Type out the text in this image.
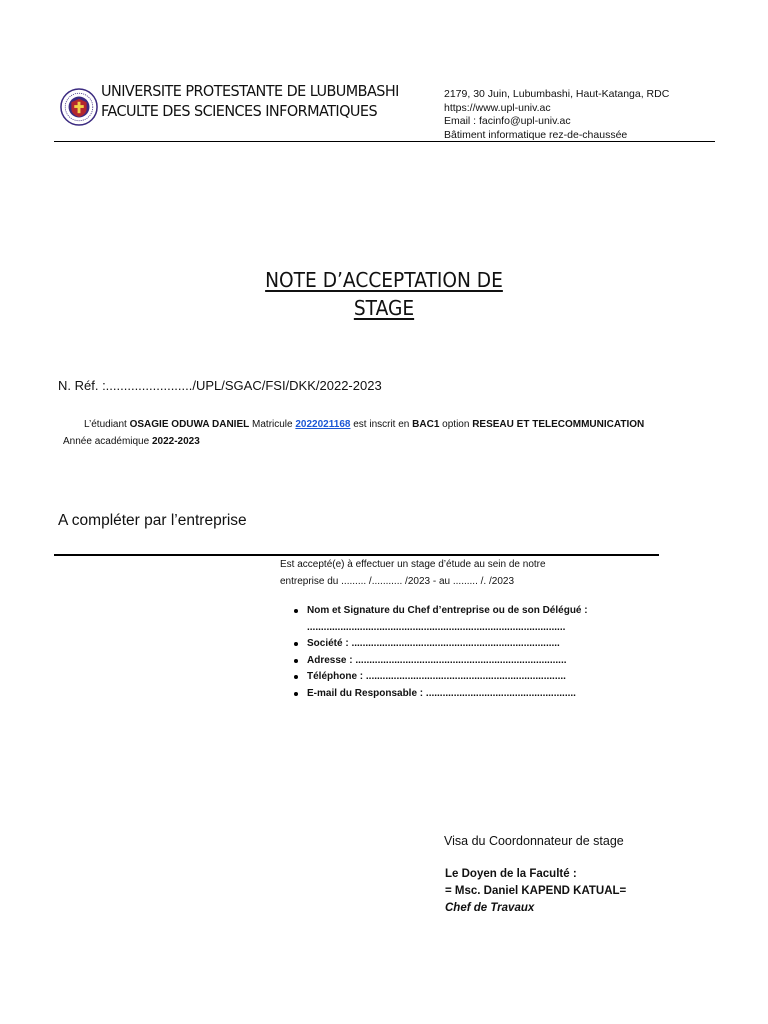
UNIVERSITE PROTESTANTE DE LUBUMBASHI
FACULTE DES SCIENCES INFORMATIQUES
2179, 30 Juin, Lubumbashi, Haut-Katanga, RDC
https://www.upl-univ.ac
Email : facinfo@upl-univ.ac
Bâtiment informatique rez-de-chaussée
NOTE D’ACCEPTATION DE
STAGE
N. Réf. :......................../UPL/SGAC/FSI/DKK/2022-2023
L’étudiant OSAGIE ODUWA DANIEL Matricule 2022021168 est inscrit en BAC1 option RESEAU ET TELECOMMUNICATION
Année académique 2022-2023
A compléter par l’entreprise
Est accepté(e) à effectuer un stage d’étude au sein de notre
entreprise du ......... /........... /2023 - au ......... /. /2023
Nom et Signature du Chef d’entreprise ou de son Délégué :
.............................................................................................
Société : ...........................................................................
Adresse : ............................................................................
Téléphone : ........................................................................
E-mail du Responsable : ......................................................
Visa du Coordonnateur de stage
Le Doyen de la Faculté :
= Msc. Daniel KAPEND KATUAL=
Chef de Travaux
